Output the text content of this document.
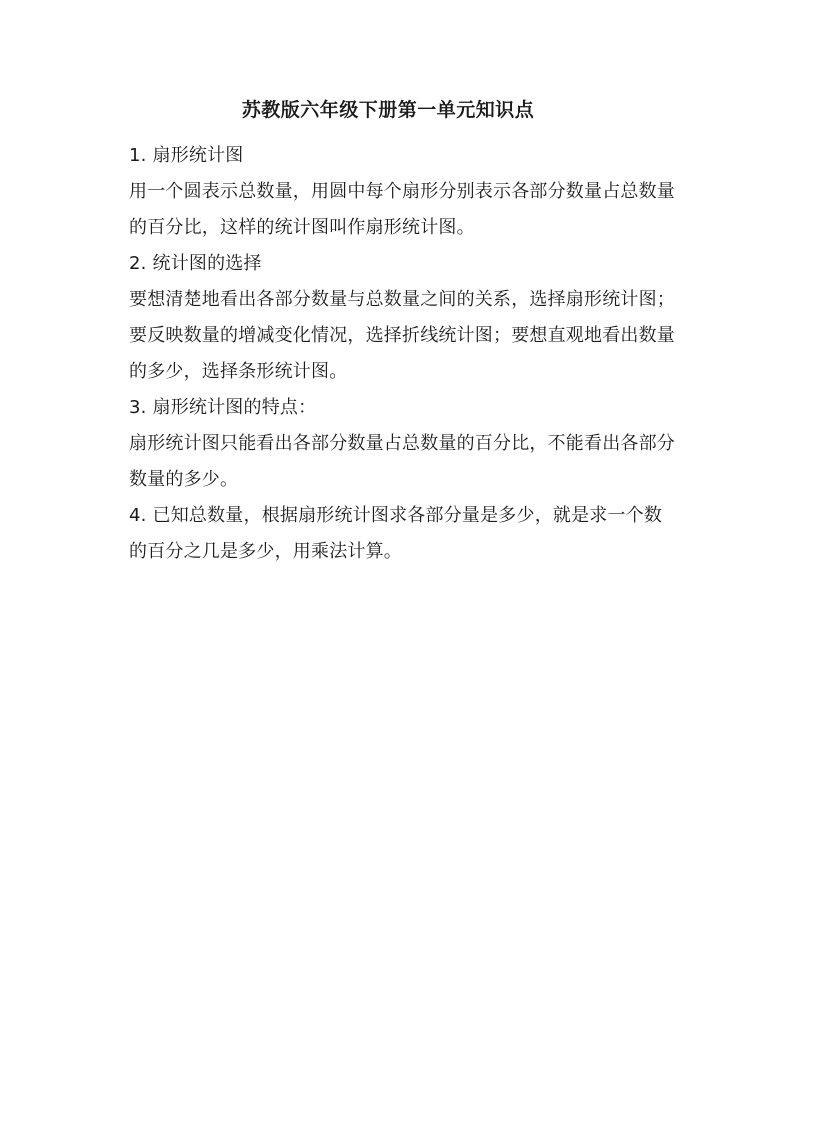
苏教版六年级下册第一单元知识点

1. 扇形统计图

用一个圆表示总数量，用圆中每个扇形分别表示各部分数量占总数量

的百分比，这样的统计图叫作扇形统计图。

2. 统计图的选择

要想清楚地看出各部分数量与总数量之间的关系，选择扇形统计图；

要反映数量的增减变化情况，选择折线统计图；要想直观地看出数量

的多少，选择条形统计图。

3. 扇形统计图的特点：

扇形统计图只能看出各部分数量占总数量的百分比，不能看出各部分

数量的多少。

4. 已知总数量，根据扇形统计图求各部分量是多少，就是求一个数

的百分之几是多少，用乘法计算。
